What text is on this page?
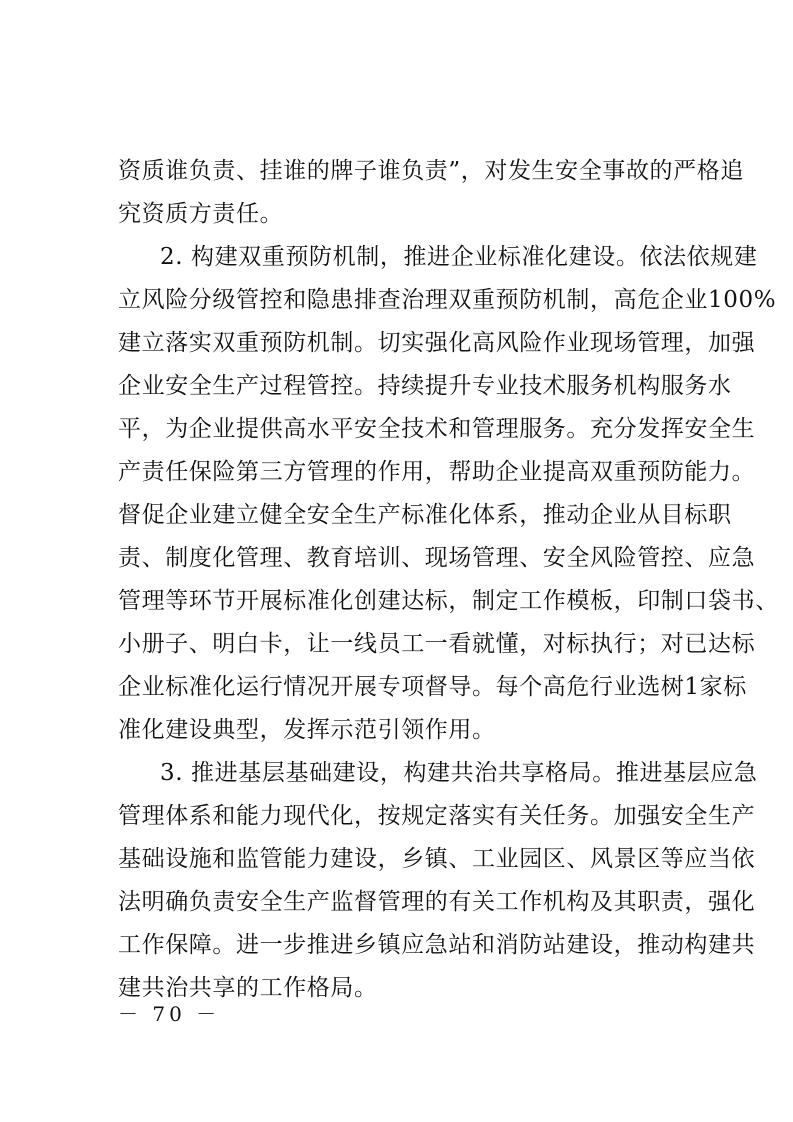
资质谁负责、挂谁的牌子谁负责”，对发生安全事故的严格追
究资质方责任。
2. 构建双重预防机制，推进企业标准化建设。依法依规建
立风险分级管控和隐患排查治理双重预防机制，高危企业100%
建立落实双重预防机制。切实强化高风险作业现场管理，加强
企业安全生产过程管控。持续提升专业技术服务机构服务水
平，为企业提供高水平安全技术和管理服务。充分发挥安全生
产责任保险第三方管理的作用，帮助企业提高双重预防能力。
督促企业建立健全安全生产标准化体系，推动企业从目标职
责、制度化管理、教育培训、现场管理、安全风险管控、应急
管理等环节开展标准化创建达标，制定工作模板，印制口袋书、
小册子、明白卡，让一线员工一看就懂，对标执行；对已达标
企业标准化运行情况开展专项督导。每个高危行业选树1家标
准化建设典型，发挥示范引领作用。
3. 推进基层基础建设，构建共治共享格局。推进基层应急
管理体系和能力现代化，按规定落实有关任务。加强安全生产
基础设施和监管能力建设，乡镇、工业园区、风景区等应当依
法明确负责安全生产监督管理的有关工作机构及其职责，强化
工作保障。进一步推进乡镇应急站和消防站建设，推动构建共
建共治共享的工作格局。
－ 70 －
